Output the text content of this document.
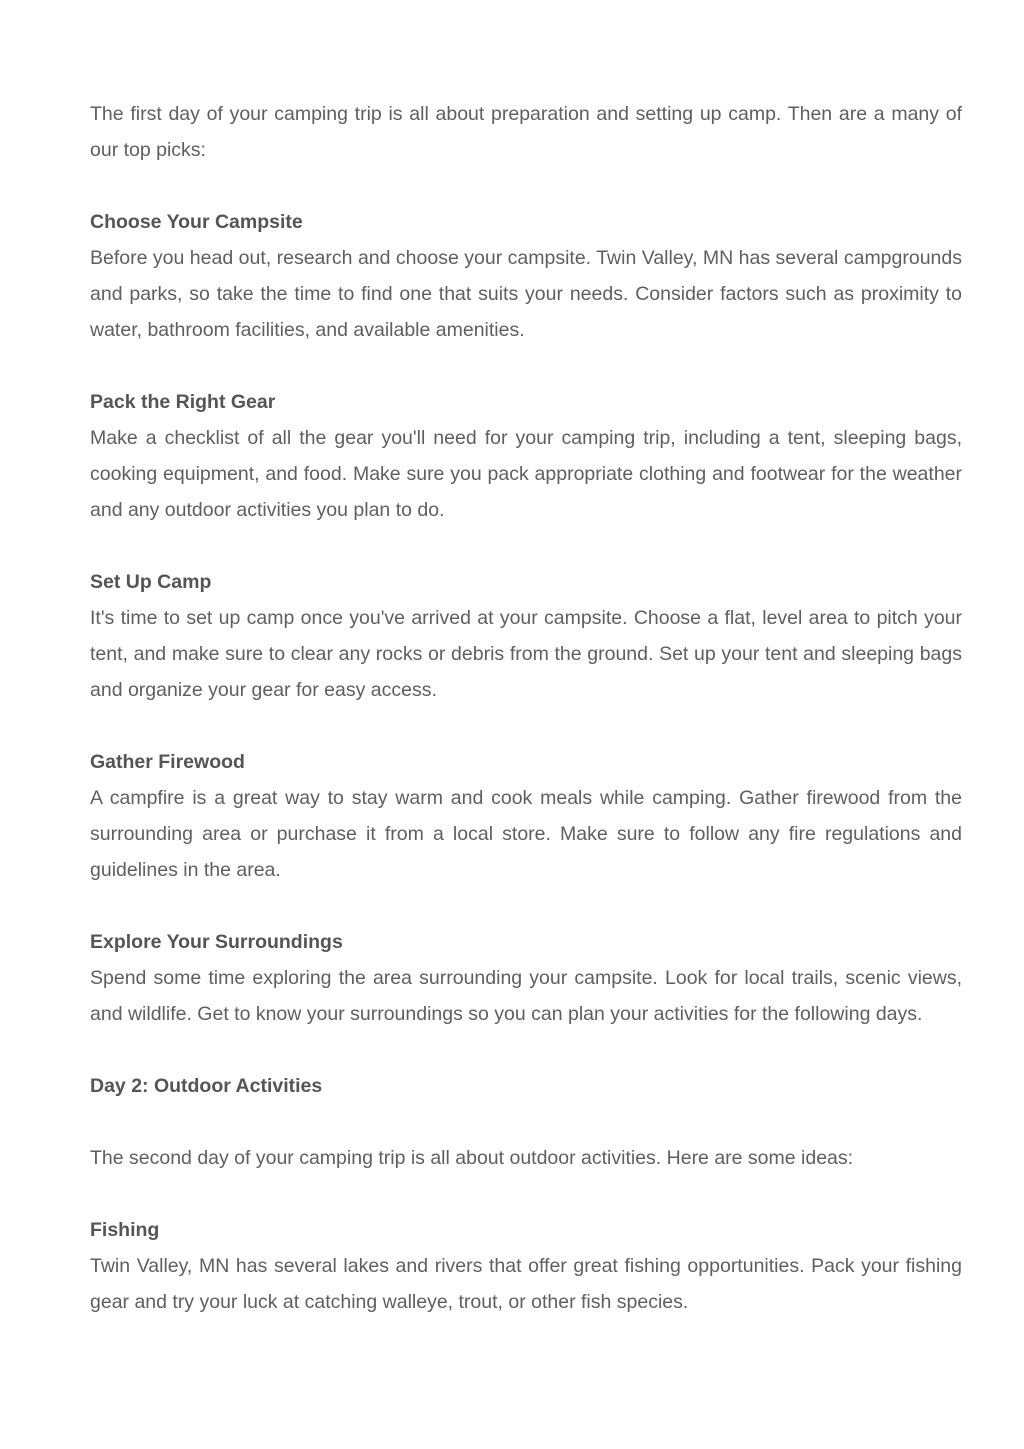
The first day of your camping trip is all about preparation and setting up camp. Then are a many of our top picks:

Choose Your Campsite

Before you head out, research and choose your campsite. Twin Valley, MN has several campgrounds and parks, so take the time to find one that suits your needs. Consider factors such as proximity to water, bathroom facilities, and available amenities.

Pack the Right Gear

Make a checklist of all the gear you'll need for your camping trip, including a tent, sleeping bags, cooking equipment, and food. Make sure you pack appropriate clothing and footwear for the weather and any outdoor activities you plan to do.

Set Up Camp

It's time to set up camp once you've arrived at your campsite. Choose a flat, level area to pitch your tent, and make sure to clear any rocks or debris from the ground. Set up your tent and sleeping bags and organize your gear for easy access.

Gather Firewood

A campfire is a great way to stay warm and cook meals while camping. Gather firewood from the surrounding area or purchase it from a local store. Make sure to follow any fire regulations and guidelines in the area.

Explore Your Surroundings

Spend some time exploring the area surrounding your campsite. Look for local trails, scenic views, and wildlife. Get to know your surroundings so you can plan your activities for the following days.

Day 2: Outdoor Activities

The second day of your camping trip is all about outdoor activities. Here are some ideas:

Fishing

Twin Valley, MN has several lakes and rivers that offer great fishing opportunities. Pack your fishing gear and try your luck at catching walleye, trout, or other fish species.
